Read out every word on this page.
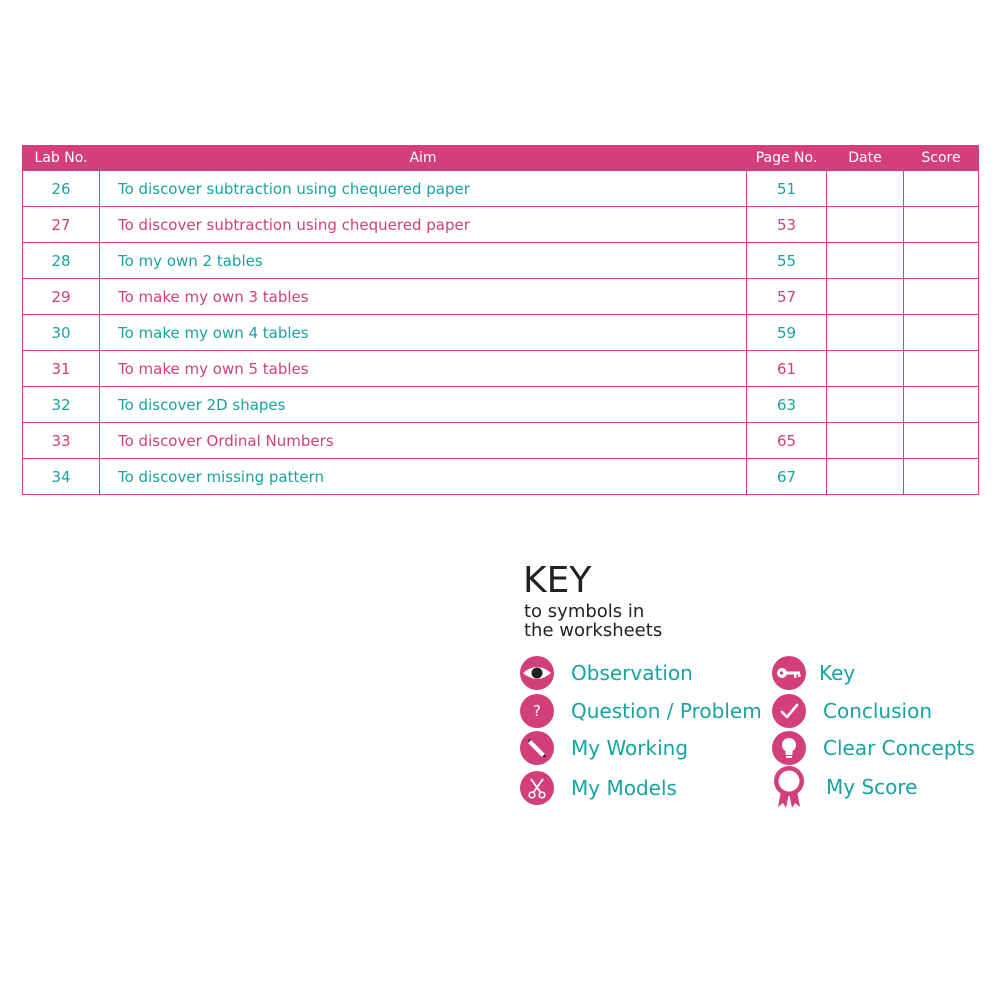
Lab No.	Aim	Page No.	Date	Score
26	To discover subtraction using chequered paper	51		
27	To discover subtraction using chequered paper	53		
28	To my own 2 tables	55		
29	To make my own 3 tables	57		
30	To make my own 4 tables	59		
31	To make my own 5 tables	61		
32	To discover 2D shapes	63		
33	To discover Ordinal Numbers	65		
34	To discover missing pattern	67		
KEY
to symbols in
the worksheets
Observation
? Question / Problem
My Working
My Models
Key
Conclusion
Clear Concepts
My Score
